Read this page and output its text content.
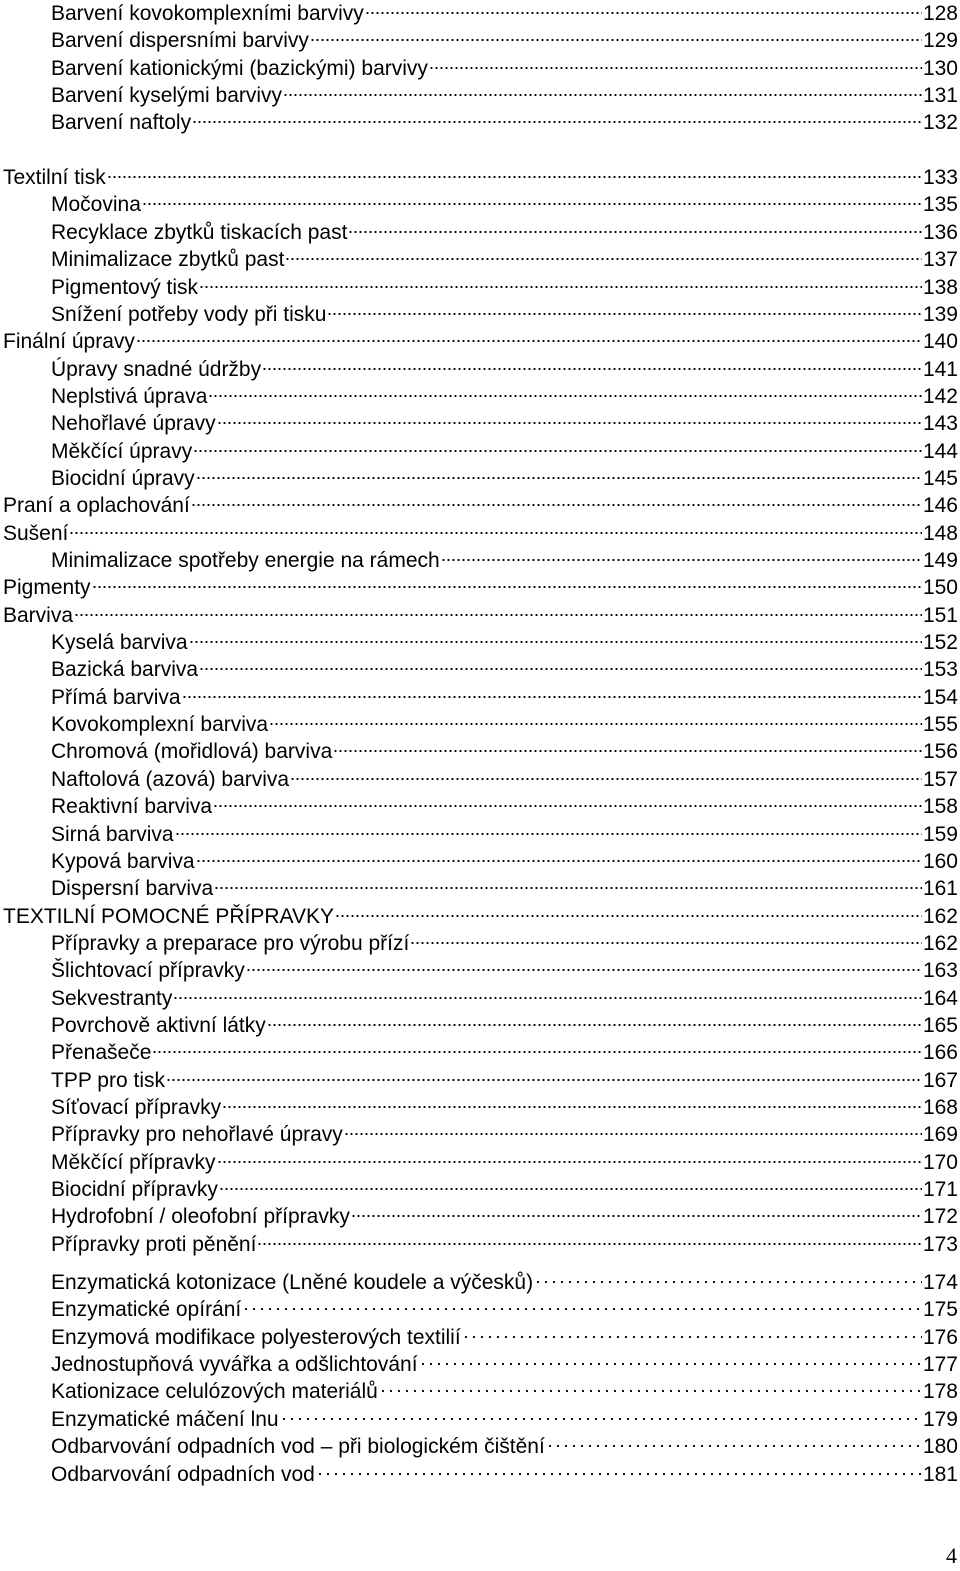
Barvení kovokomplexními barvivy	128
Barvení dispersními barvivy	129
Barvení kationickými (bazickými) barvivy	130
Barvení kyselými barvivy	131
Barvení naftoly	132
Textilní tisk	133
Močovina	135
Recyklace zbytků tiskacích past	136
Minimalizace zbytků past	137
Pigmentový tisk	138
Snížení potřeby vody při tisku	139
Finální úpravy	140
Úpravy snadné údržby	141
Neplstivá úprava	142
Nehořlavé úpravy	143
Měkčící úpravy	144
Biocidní úpravy	145
Praní a oplachování	146
Sušení	148
Minimalizace spotřeby energie na rámech	149
Pigmenty	150
Barviva	151
Kyselá barviva	152
Bazická barviva	153
Přímá barviva	154
Kovokomplexní barviva	155
Chromová (mořidlová) barviva	156
Naftolová (azová) barviva	157
Reaktivní barviva	158
Sirná barviva	159
Kypová barviva	160
Dispersní barviva	161
TEXTILNÍ POMOCNÉ PŘÍPRAVKY	162
Přípravky a preparace pro výrobu přízí	162
Šlichtovací přípravky	163
Sekvestranty	164
Povrchově aktivní látky	165
Přenašeče	166
TPP pro tisk	167
Síťovací přípravky	168
Přípravky pro nehořlavé úpravy	169
Měkčící přípravky	170
Biocidní přípravky	171
Hydrofobní / oleofobní přípravky	172
Přípravky proti pěnění	173
Enzymatická kotonizace (Lněné koudele a výčesků)	174
Enzymatické opírání	175
Enzymová modifikace polyesterových textilií	176
Jednostupňová vyvářka a odšlichtování	177
Kationizace celulózových materiálů	178
Enzymatické máčení lnu	179
Odbarvování odpadních vod – při biologickém čištění	180
Odbarvování odpadních vod	181
4
